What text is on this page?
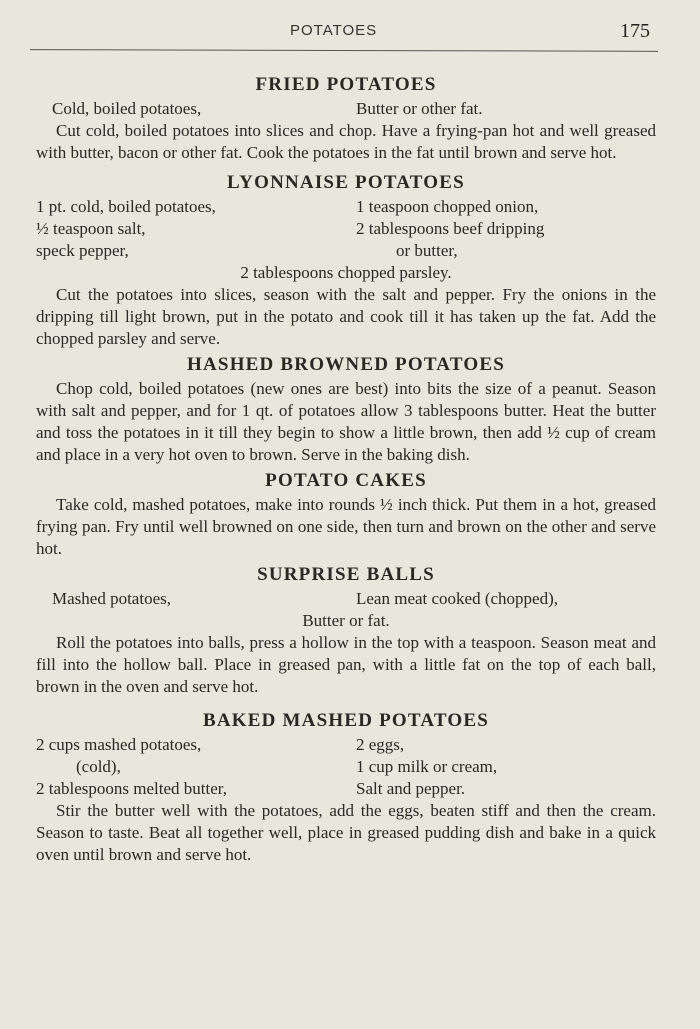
POTATOES	175
FRIED POTATOES
Cold, boiled potatoes,	Butter or other fat.

Cut cold, boiled potatoes into slices and chop. Have a frying-pan hot and well greased with butter, bacon or other fat. Cook the potatoes in the fat until brown and serve hot.

LYONNAISE POTATOES
1 pt. cold, boiled potatoes,	1 teaspoon chopped onion,
½ teaspoon salt,	2 tablespoons beef dripping
speck pepper,	or butter,
2 tablespoons chopped parsley.

Cut the potatoes into slices, season with the salt and pepper. Fry the onions in the dripping till light brown, put in the potato and cook till it has taken up the fat. Add the chopped parsley and serve.

HASHED BROWNED POTATOES

Chop cold, boiled potatoes (new ones are best) into bits the size of a peanut. Season with salt and pepper, and for 1 qt. of potatoes allow 3 tablespoons butter. Heat the butter and toss the potatoes in it till they begin to show a little brown, then add ½ cup of cream and place in a very hot oven to brown. Serve in the baking dish.

POTATO CAKES

Take cold, mashed potatoes, make into rounds ½ inch thick. Put them in a hot, greased frying pan. Fry until well browned on one side, then turn and brown on the other and serve hot.

SURPRISE BALLS
Mashed potatoes,	Lean meat cooked (chopped),
Butter or fat.

Roll the potatoes into balls, press a hollow in the top with a teaspoon. Season meat and fill into the hollow ball. Place in greased pan, with a little fat on the top of each ball, brown in the oven and serve hot.

BAKED MASHED POTATOES
2 cups mashed potatoes,	2 eggs,
(cold),	1 cup milk or cream,
2 tablespoons melted butter,	Salt and pepper.

Stir the butter well with the potatoes, add the eggs, beaten stiff and then the cream. Season to taste. Beat all together well, place in greased pudding dish and bake in a quick oven until brown and serve hot.
